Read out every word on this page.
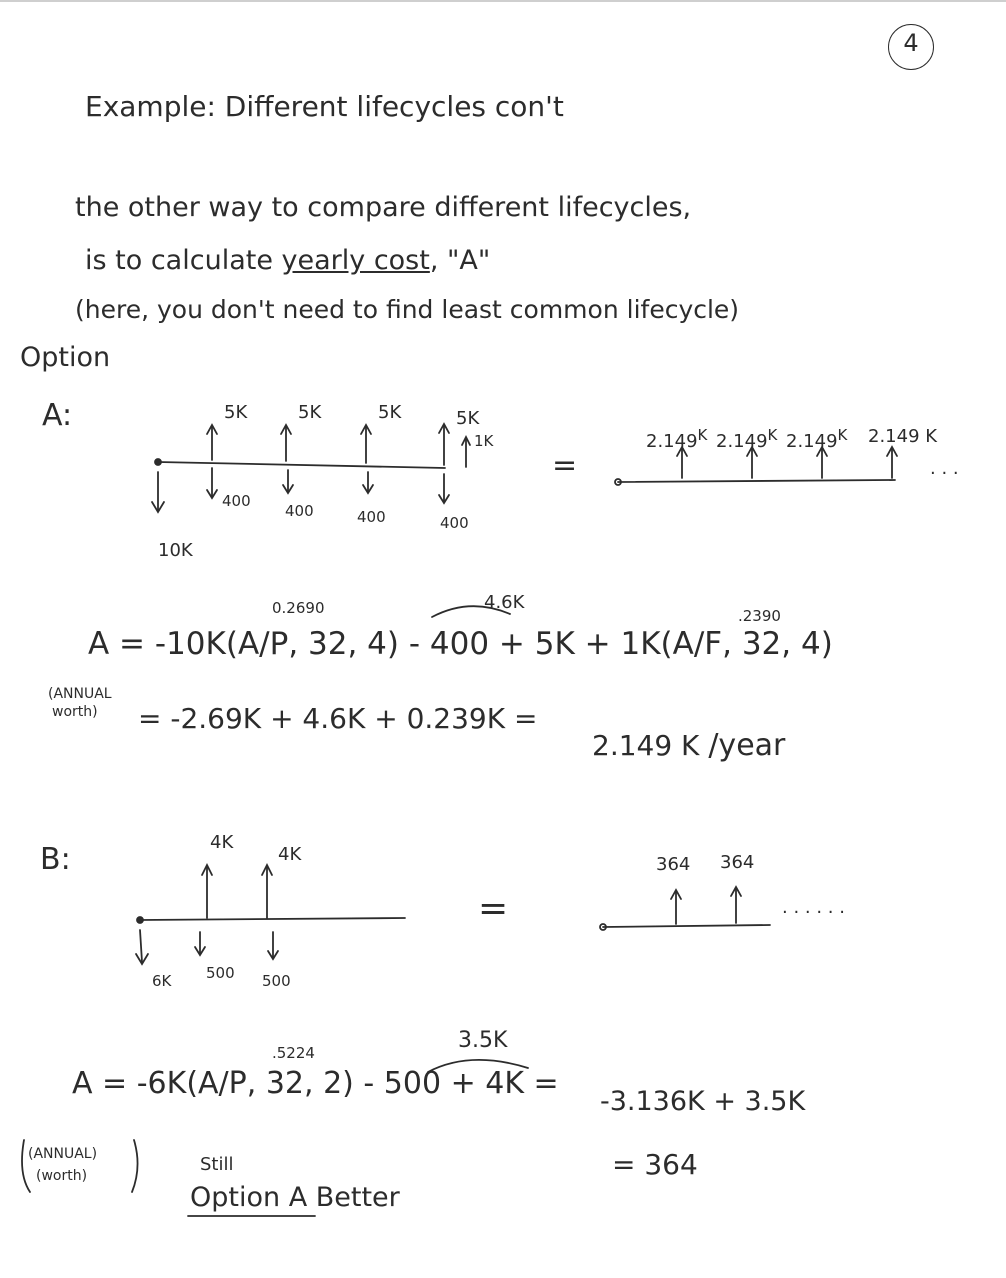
4
Example: Different lifecycles con't
the other way to compare different lifecycles,
is to calculate yearly cost, "A"
(here, you don't need to find least common lifecycle)
Option
A:	5K	5K	5K	5K
1K
400
400	400	400
10K
=
$2.149^K$ $2.149^K$ $2.149^K$ 2.149 K
. . .
0.2690	4.6K
.2390
A = -10K(A/P, 32, 4) - 400 + 5K + 1K(A/F, 32, 4)
(ANNUAL
worth) = -2.69K + 4.6K + 0.239K =
2.149 K /year
B:	4K
4K
500 500
6K
=
364 364
. . . . . .
.5224	3.5K
A = -6K(A/P, 32, 2) - 500 + 4K =
-3.136K + 3.5K
(ANNUAL)
(worth)
Still
Option A Better
= 364
